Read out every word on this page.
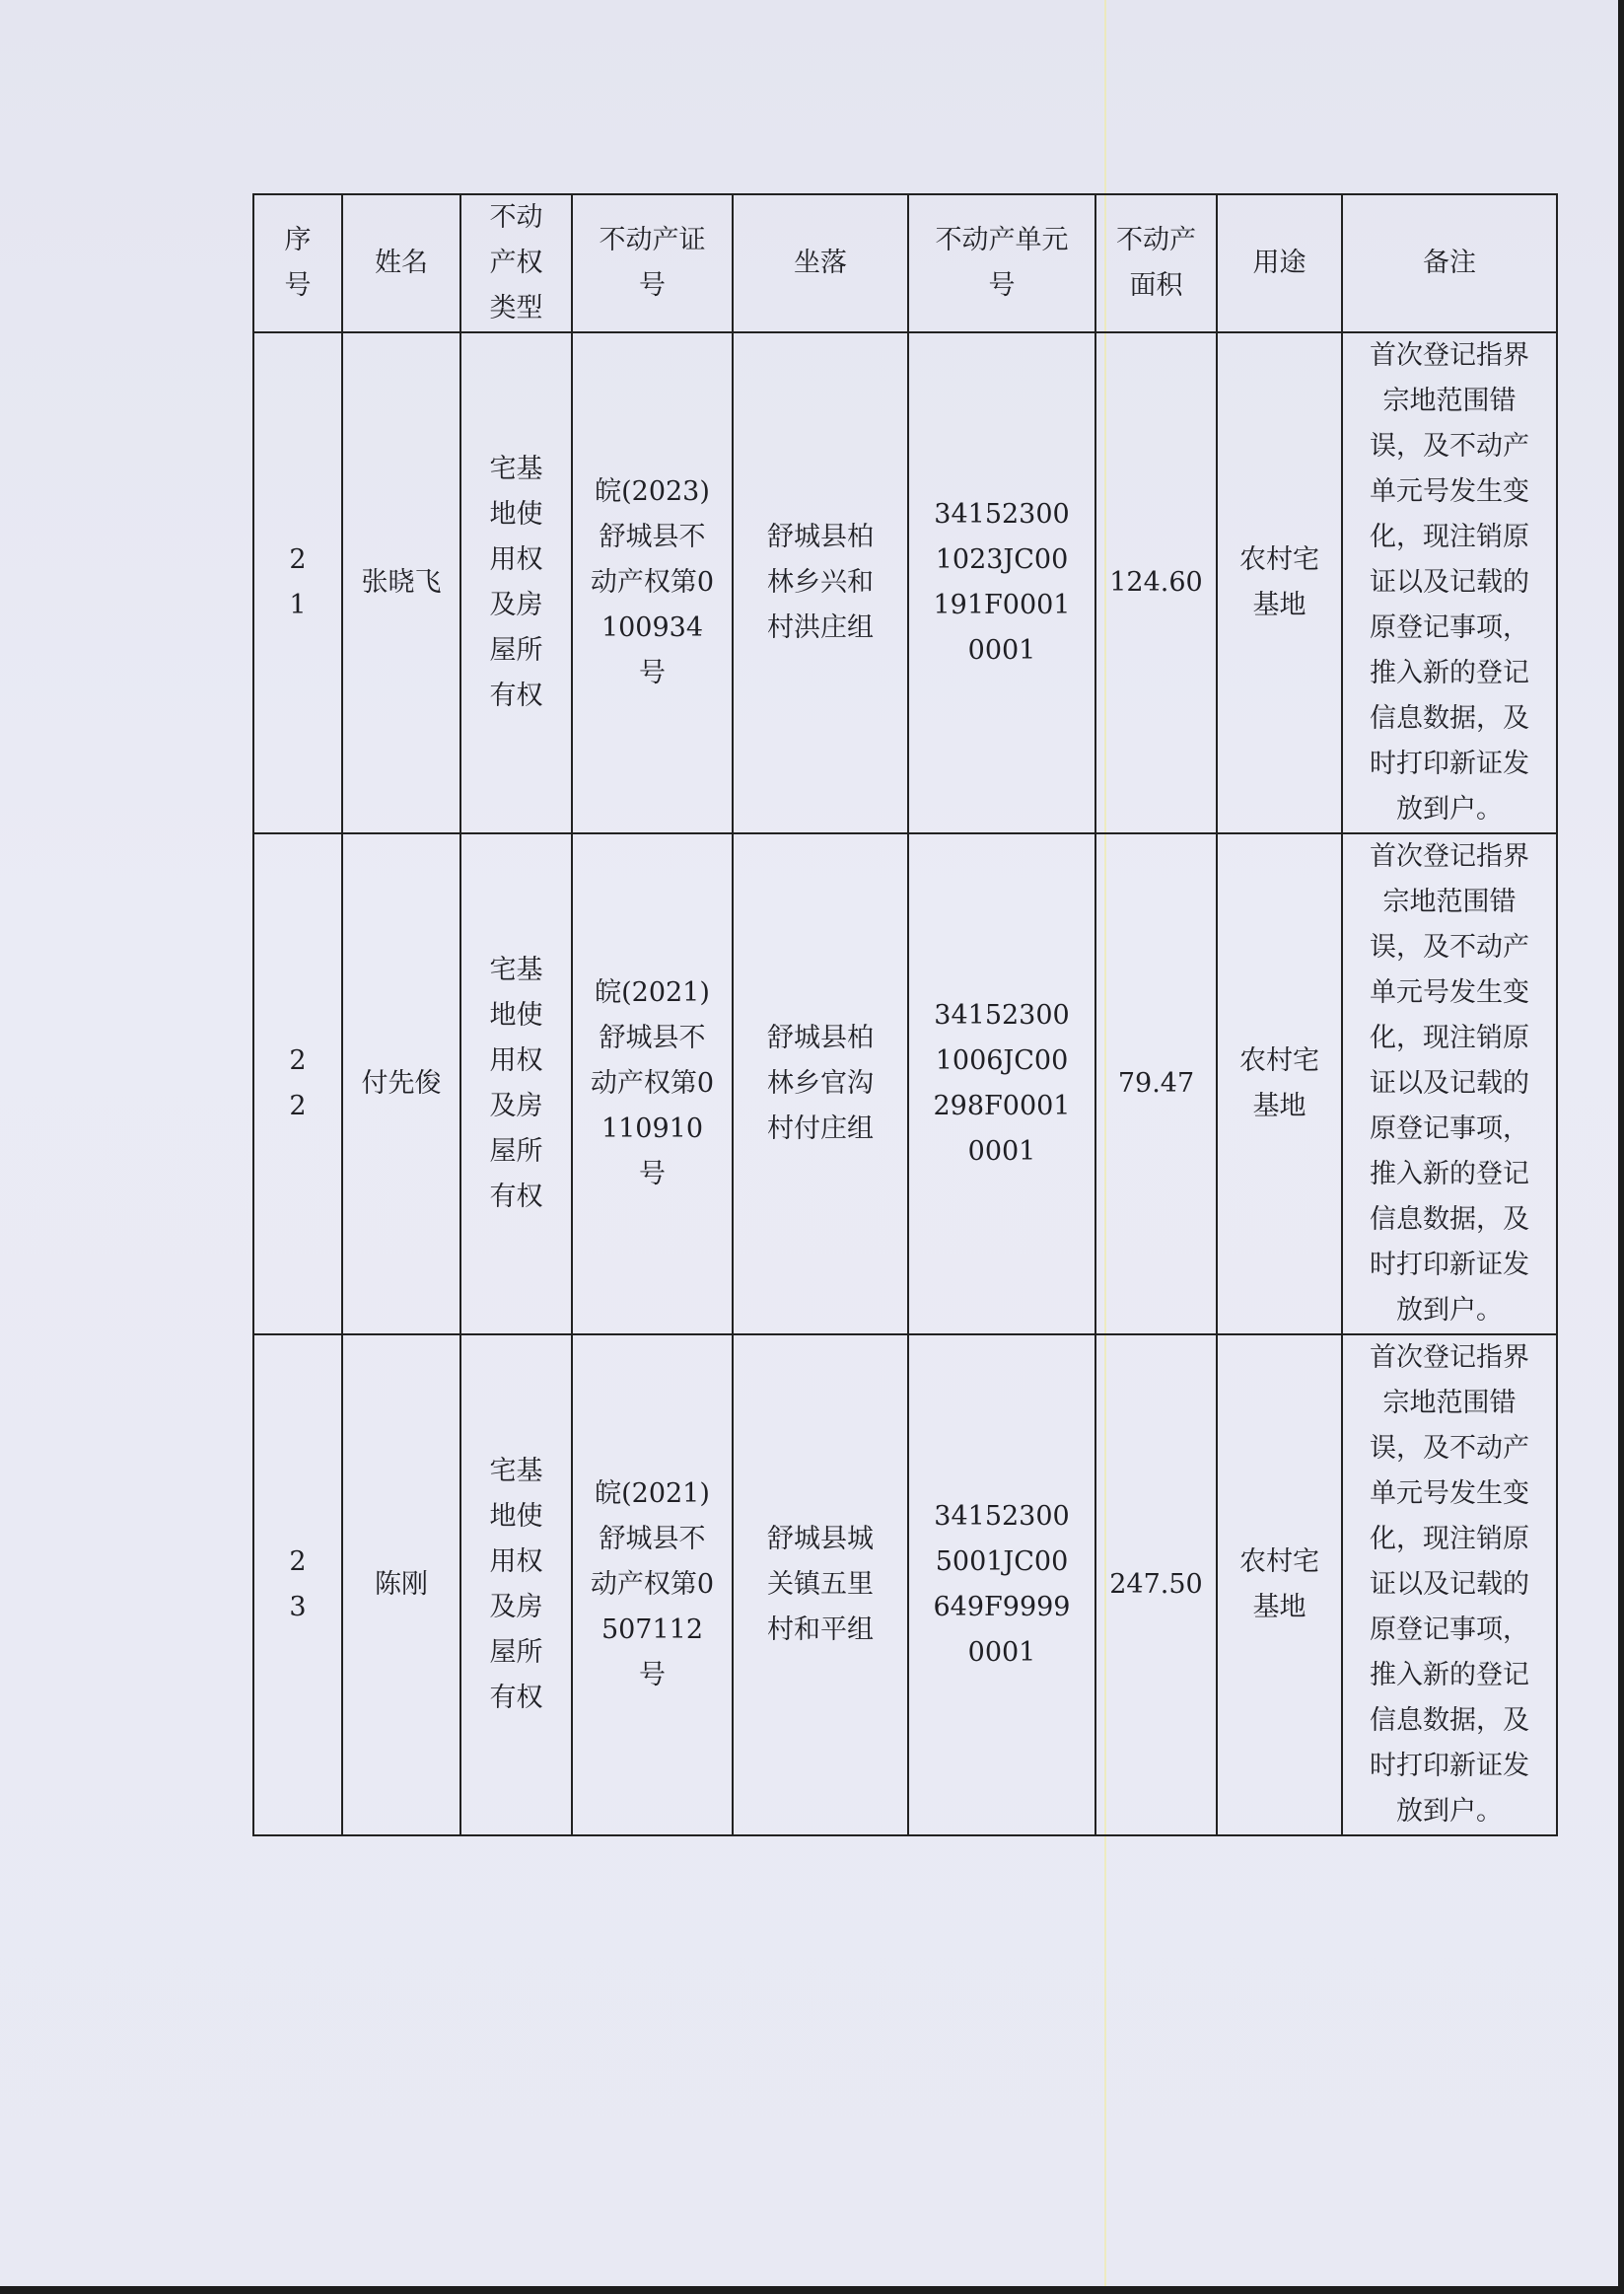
序号	姓名	不动产权类型	不动产证号	坐落	不动产单元号	不动产面积	用途	备注

21	张晓飞	宅基地使用权及房屋所有权	皖(2023)舒城县不动产权第0100934号	舒城县柏林乡兴和村洪庄组	341523001023JC00191F00010001	124.60	农村宅基地	首次登记指界宗地范围错误，及不动产单元号发生变化，现注销原证以及记载的原登记事项，推入新的登记信息数据，及时打印新证发放到户。

22	付先俊	宅基地使用权及房屋所有权	皖(2021)舒城县不动产权第0110910号	舒城县柏林乡官沟村付庄组	341523001006JC00298F00010001	79.47	农村宅基地	首次登记指界宗地范围错误，及不动产单元号发生变化，现注销原证以及记载的原登记事项，推入新的登记信息数据，及时打印新证发放到户。

23	陈刚	宅基地使用权及房屋所有权	皖(2021)舒城县不动产权第0507112号	舒城县城关镇五里村和平组	341523005001JC00649F99990001	247.50	农村宅基地	首次登记指界宗地范围错误，及不动产单元号发生变化，现注销原证以及记载的原登记事项，推入新的登记信息数据，及时打印新证发放到户。
